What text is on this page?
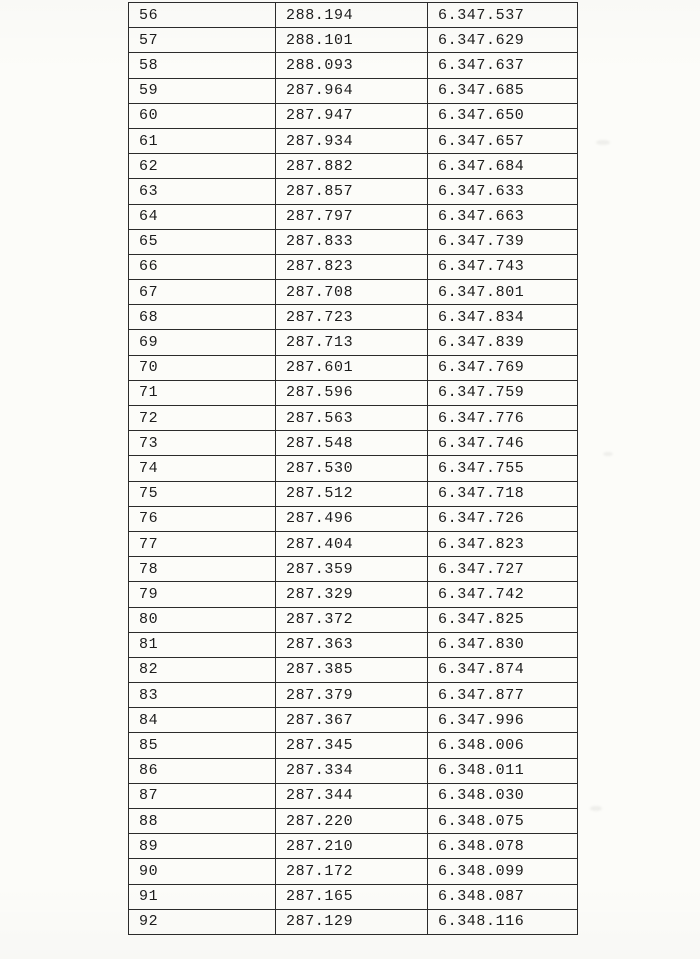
56	288.194	6.347.537
57	288.101	6.347.629
58	288.093	6.347.637
59	287.964	6.347.685
60	287.947	6.347.650
61	287.934	6.347.657
62	287.882	6.347.684
63	287.857	6.347.633
64	287.797	6.347.663
65	287.833	6.347.739
66	287.823	6.347.743
67	287.708	6.347.801
68	287.723	6.347.834
69	287.713	6.347.839
70	287.601	6.347.769
71	287.596	6.347.759
72	287.563	6.347.776
73	287.548	6.347.746
74	287.530	6.347.755
75	287.512	6.347.718
76	287.496	6.347.726
77	287.404	6.347.823
78	287.359	6.347.727
79	287.329	6.347.742
80	287.372	6.347.825
81	287.363	6.347.830
82	287.385	6.347.874
83	287.379	6.347.877
84	287.367	6.347.996
85	287.345	6.348.006
86	287.334	6.348.011
87	287.344	6.348.030
88	287.220	6.348.075
89	287.210	6.348.078
90	287.172	6.348.099
91	287.165	6.348.087
92	287.129	6.348.116
